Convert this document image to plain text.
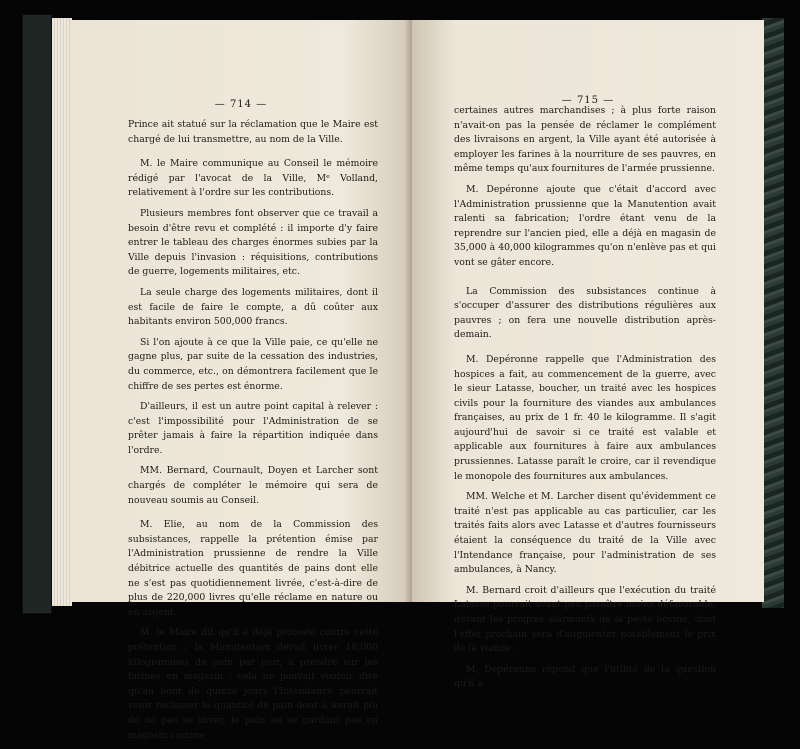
— 714 —

Prince ait statué sur la réclamation que le Maire est chargé de lui transmettre, au nom de la Ville.

M. le Maire communique au Conseil le mémoire rédigé par l'avocat de la Ville, Mᵉ Volland, relativement à l'ordre sur les contributions.

Plusieurs membres font observer que ce travail a besoin d'être revu et complété : il importe d'y faire entrer le tableau des charges énormes subies par la Ville depuis l'invasion : réquisitions, contributions de guerre, logements militaires, etc.

La seule charge des logements militaires, dont il est facile de faire le compte, a dû coûter aux habitants environ 500,000 francs.

Si l'on ajoute à ce que la Ville paie, ce qu'elle ne gagne plus, par suite de la cessation des industries, du commerce, etc., on démontrera facilement que le chiffre de ses pertes est énorme.

D'ailleurs, il est un autre point capital à relever : c'est l'impossibilité pour l'Administration de se prêter jamais à faire la répartition indiquée dans l'ordre.

MM. Bernard, Cournault, Doyen et Larcher sont chargés de compléter le mémoire qui sera de nouveau soumis au Conseil.

M. Elie, au nom de la Commission des subsistances, rappelle la prétention émise par l'Administration prussienne de rendre la Ville débitrice actuelle des quantités de pains dont elle ne s'est pas quotidiennement livrée, c'est-à-dire de plus de 220,000 livres qu'elle réclame en nature ou en argent.

M. le Maire dit qu'il a déjà protesté contre cette prétention ; la Manutention devait livrer 18,000 kilogrammes de pain par jour, à prendre sur les farines en magasin ; cela ne pouvait vouloir dire qu'au bout de quinze jours l'Intendance pourrait venir réclamer la quantité de pain dont il aurait plu de ne pas se livrer, le pain ne se gardant pas en magasin comme

— 715 —

certaines autres marchandises ; à plus forte raison n'avait-on pas la pensée de réclamer le complément des livraisons en argent, la Ville ayant été autorisée à employer les farines à la nourriture de ses pauvres, en même temps qu'aux fournitures de l'armée prussienne.

M. Depéronne ajoute que c'était d'accord avec l'Administration prussienne que la Manutention avait ralenti sa fabrication; l'ordre étant venu de la reprendre sur l'ancien pied, elle a déjà en magasin de 35,000 à 40,000 kilogrammes qu'on n'enlève pas et qui vont se gâter encore.

La Commission des subsistances continue à s'occuper d'assurer des distributions régulières aux pauvres ; on fera une nouvelle distribution après-demain.

M. Depéronne rappelle que l'Administration des hospices a fait, au commencement de la guerre, avec le sieur Latasse, boucher, un traité avec les hospices civils pour la fourniture des viandes aux ambulances françaises, au prix de 1 fr. 40 le kilogramme. Il s'agit aujourd'hui de savoir si ce traité est valable et applicable aux fournitures à faire aux ambulances prussiennes. Latasse paraît le croire, car il revendique le monopole des fournitures aux ambulances.

MM. Welche et M. Larcher disent qu'évidemment ce traité n'est pas applicable au cas particulier, car les traités faits alors avec Latasse et d'autres fournisseurs étaient la conséquence du traité de la Ville avec l'Intendance française, pour l'administration de ses ambulances, à Nancy.

M. Bernard croit d'ailleurs que l'exécution du traité Latasse pourrait avant peu paraître moins défavorable, devant les progrès alarmants de la peste bovine, dont l'effet prochain sera d'augmenter notablement le prix de la viande.

M. Depéronne répond que l'utilité de la question qu'il a
